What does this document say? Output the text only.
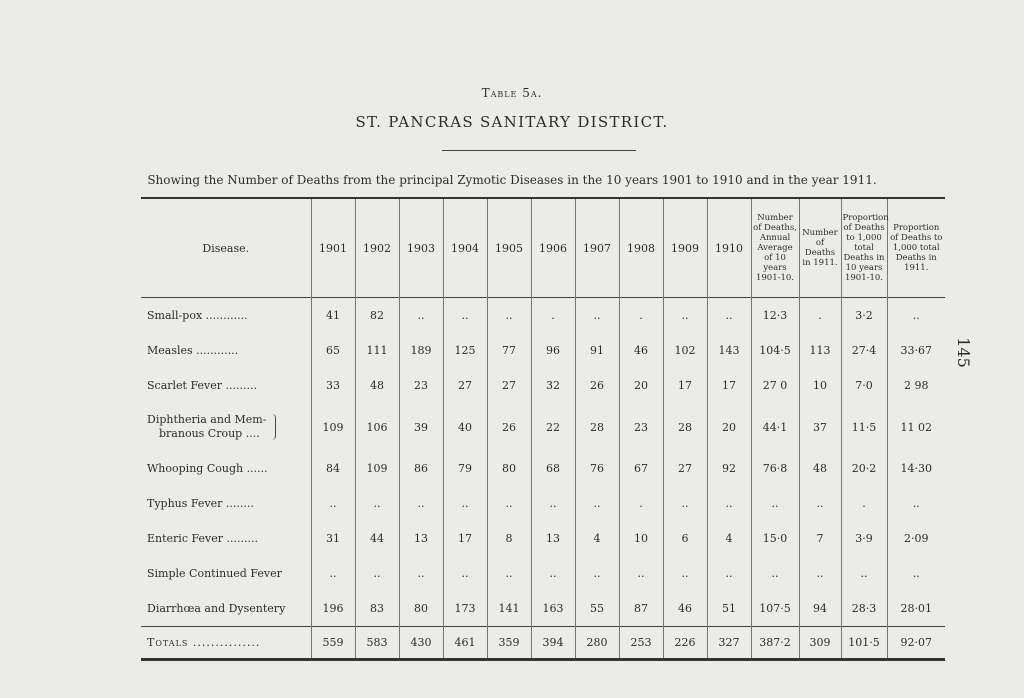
Table 5a.
ST. PANCRAS SANITARY DISTRICT.
Showing the Number of Deaths from the principal Zymotic Diseases in the 10 years 1901 to 1910 and in the year 1911.
145
Disease.	1901	1902	1903	1904	1905	1906	1907	1908	1909	1910	Number of Deaths, Annual Average of 10 years 1901-10.	Number of Deaths in 1911.	Proportion of Deaths to 1,000 total Deaths in 10 years 1901-10.	Proportion of Deaths to 1,000 total Deaths in 1911.
Small-pox ............	41	82	..	..	..	.	..	.	..	..	12·3	.	3·2	..
Measles ............	65	111	189	125	77	96	91	46	102	143	104·5	113	27·4	33·67
Scarlet Fever .........	33	48	23	27	27	32	26	20	17	17	27 0	10	7·0	2 98
Diphtheria and Mem-
branous Croup ....	109	106	39	40	26	22	28	23	28	20	44·1	37	11·5	11 02
Whooping Cough ......	84	109	86	79	80	68	76	67	27	92	76·8	48	20·2	14·30
Typhus Fever ........	..	..	..	..	..	..	..	.	..	..	..	..	.	..
Enteric Fever .........	31	44	13	17	8	13	4	10	6	4	15·0	7	3·9	2·09
Simple Continued Fever	..	..	..	..	..	..	..	..	..	..	..	..	..	..
Diarrhœa and Dysentery	196	83	80	173	141	163	55	87	46	51	107·5	94	28·3	28·01
Totals ...............	559	583	430	461	359	394	280	253	226	327	387·2	309	101·5	92·07
